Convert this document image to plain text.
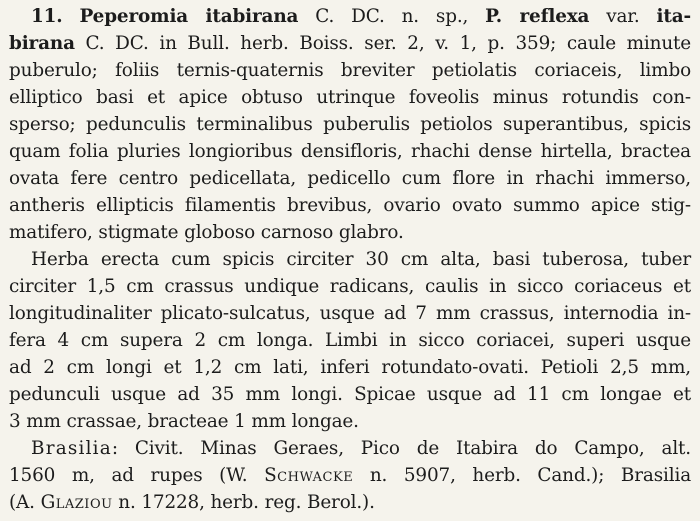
11. Peperomia itabirana C. DC. n. sp., P. reflexa var. ita-
birana C. DC. in Bull. herb. Boiss. ser. 2, v. 1, p. 359; caule minute
puberulo; foliis ternis-quaternis breviter petiolatis coriaceis, limbo
elliptico basi et apice obtuso utrinque foveolis minus rotundis con-
sperso; pedunculis terminalibus puberulis petiolos superantibus, spicis
quam folia pluries longioribus densifloris, rhachi dense hirtella, bractea
ovata fere centro pedicellata, pedicello cum flore in rhachi immerso,
antheris ellipticis filamentis brevibus, ovario ovato summo apice stig-
matifero, stigmate globoso carnoso glabro.
Herba erecta cum spicis circiter 30 cm alta, basi tuberosa, tuber
circiter 1,5 cm crassus undique radicans, caulis in sicco coriaceus et
longitudinaliter plicato-sulcatus, usque ad 7 mm crassus, internodia in-
fera 4 cm supera 2 cm longa. Limbi in sicco coriacei, superi usque
ad 2 cm longi et 1,2 cm lati, inferi rotundato-ovati. Petioli 2,5 mm,
pedunculi usque ad 35 mm longi. Spicae usque ad 11 cm longae et
3 mm crassae, bracteae 1 mm longae.
Brasilia: Civit. Minas Geraes, Pico de Itabira do Campo, alt.
1560 m, ad rupes (W. Schwacke n. 5907, herb. Cand.); Brasilia
(A. Glaziou n. 17228, herb. reg. Berol.).
